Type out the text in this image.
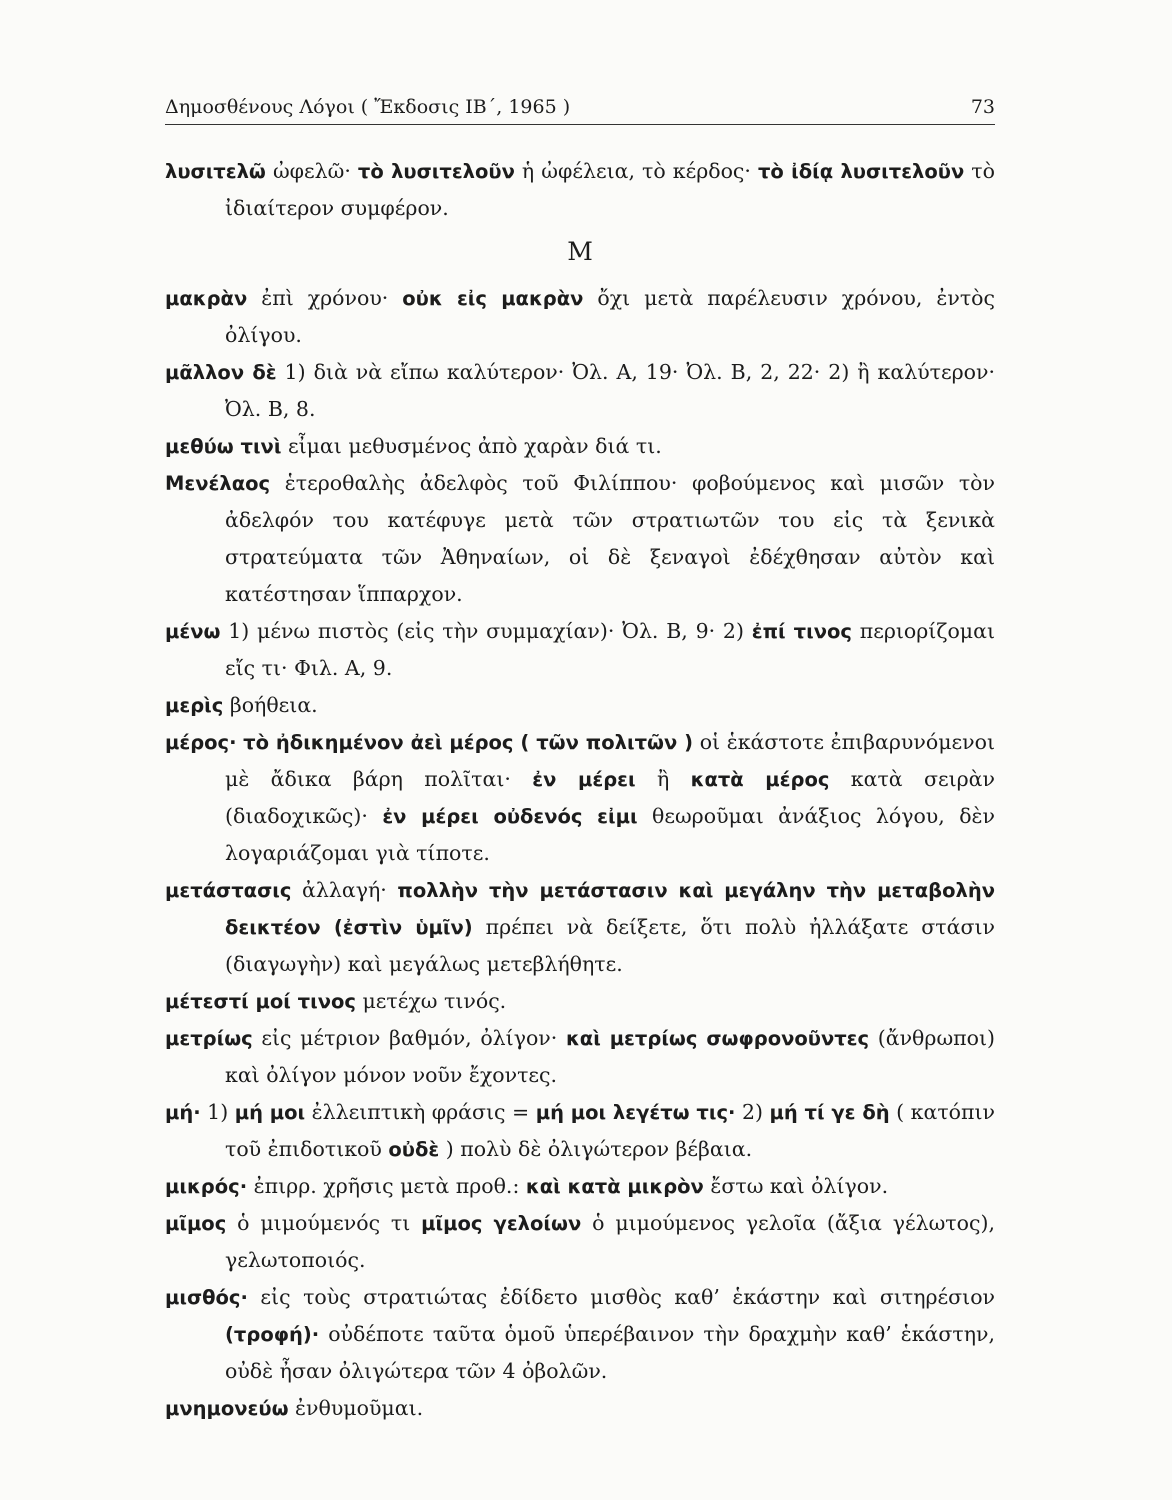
Δημοσθένους Λόγοι ( Ἔκδοσις ΙΒ΄, 1965 )	73
λυσιτελῶ ὠφελῶ· τὸ λυσιτελοῦν ἡ ὠφέλεια, τὸ κέρδος· τὸ ἰδίᾳ λυσιτελοῦν τὸ ἰδιαίτερον συμφέρον.
Μ
μακρὰν ἐπὶ χρόνου· οὐκ εἰς μακρὰν ὄχι μετὰ παρέλευσιν χρόνου, ἐντὸς ὀλίγου.
μᾶλλον δὲ 1) διὰ νὰ εἴπω καλύτερον· Ὀλ. Α, 19· Ὀλ. Β, 2, 22· 2) ἢ καλύτερον· Ὀλ. Β, 8.
μεθύω τινὶ εἶμαι μεθυσμένος ἀπὸ χαρὰν διά τι.
Μενέλαος ἑτεροθαλὴς ἀδελφὸς τοῦ Φιλίππου· φοβούμενος καὶ μισῶν τὸν ἀδελφόν του κατέφυγε μετὰ τῶν στρατιωτῶν του εἰς τὰ ξενικὰ στρατεύματα τῶν Ἀθηναίων, οἱ δὲ ξεναγοὶ ἐδέχθησαν αὐτὸν καὶ κατέστησαν ἵππαρχον.
μένω 1) μένω πιστὸς (εἰς τὴν συμμαχίαν)· Ὀλ. Β, 9· 2) ἐπί τινος περιορίζομαι εἴς τι· Φιλ. Α, 9.
μερὶς βοήθεια.
μέρος· τὸ ἠδικημένον ἀεὶ μέρος ( τῶν πολιτῶν ) οἱ ἑκάστοτε ἐπιβαρυνόμενοι μὲ ἄδικα βάρη πολῖται· ἐν μέρει ἢ κατὰ μέρος κατὰ σειρὰν (διαδοχικῶς)· ἐν μέρει οὐδενός εἰμι θεωροῦμαι ἀνάξιος λόγου, δὲν λογαριάζομαι γιὰ τίποτε.
μετάστασις ἀλλαγή· πολλὴν τὴν μετάστασιν καὶ μεγάλην τὴν μεταβολὴν δεικτέον (ἐστὶν ὑμῖν) πρέπει νὰ δείξετε, ὅτι πολὺ ἠλλάξατε στάσιν (διαγωγὴν) καὶ μεγάλως μετεβλήθητε.
μέτεστί μοί τινος μετέχω τινός.
μετρίως εἰς μέτριον βαθμόν, ὀλίγον· καὶ μετρίως σωφρονοῦντες (ἄνθρωποι) καὶ ὀλίγον μόνον νοῦν ἔχοντες.
μή· 1) μή μοι ἐλλειπτικὴ φράσις = μή μοι λεγέτω τις· 2) μή τί γε δὴ ( κατόπιν τοῦ ἐπιδοτικοῦ οὐδὲ ) πολὺ δὲ ὀλιγώτερον βέβαια.
μικρός· ἐπιρρ. χρῆσις μετὰ προθ.: καὶ κατὰ μικρὸν ἔστω καὶ ὀλίγον.
μῖμος ὁ μιμούμενός τι μῖμος γελοίων ὁ μιμούμενος γελοῖα (ἄξια γέλωτος), γελωτοποιός.
μισθός· εἰς τοὺς στρατιώτας ἐδίδετο μισθὸς καθ’ ἑκάστην καὶ σιτηρέσιον (τροφή)· οὐδέποτε ταῦτα ὁμοῦ ὑπερέβαινον τὴν δραχμὴν καθ’ ἑκάστην, οὐδὲ ἦσαν ὀλιγώτερα τῶν 4 ὀβολῶν.
μνημονεύω ἐνθυμοῦμαι.
